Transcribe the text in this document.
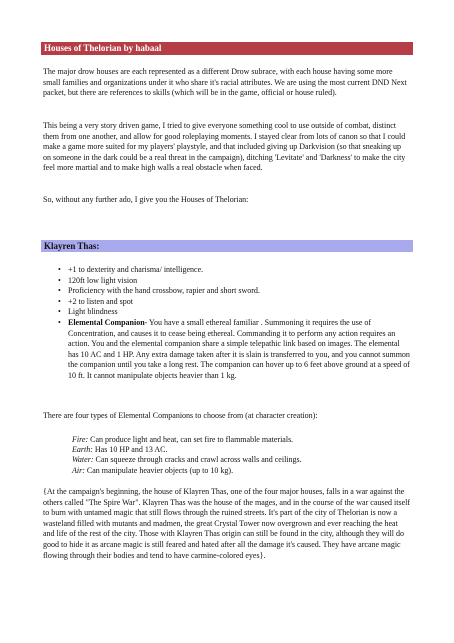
Houses of Thelorian by habaal

The major drow houses are each represented as a different Drow subrace, with each house having some more small families and organizations under it who share it's racial attributes. We are using the most current DND Next packet, but there are references to skills (which will be in the game, official or house ruled).

This being a very story driven game, I tried to give everyone something cool to use outside of combat, distinct them from one another, and allow for good roleplaying moments. I stayed clear from lots of canon so that I could make a game more suited for my players' playstyle, and that included giving up Darkvision (so that sneaking up on someone in the dark could be a real threat in the campaign), ditching 'Levitate' and 'Darkness' to make the city feel more martial and to make high walls a real obstacle when faced.

So, without any further ado, I give you the Houses of Thelorian:

Klayren Thas:
• +1 to dexterity and charisma/ intelligence.
• 120ft low light vision
• Proficiency with the hand crossbow, rapier and short sword.
• +2 to listen and spot
• Light blindness
• Elemental Companion- You have a small ethereal familiar . Summoning it requires the use of Concentration, and causes it to cease being ethereal. Commanding it to perform any action requires an action. You and the elemental companion share a simple telepathic link based on images. The elemental has 10 AC and 1 HP. Any extra damage taken after it is slain is transferred to you, and you cannot summon the companion until you take a long rest. The companion can hover up to 6 feet above ground at a speed of 10 ft. It cannot manipulate objects heavier than 1 kg.

There are four types of Elemental Companions to choose from (at character creation):

Fire: Can produce light and heat, can set fire to flammable materials.
Earth: Has 10 HP and 13 AC.
Water: Can squeeze through cracks and crawl across walls and ceilings.
Air: Can manipulate heavier objects (up to 10 kg).

{At the campaign's beginning, the house of Klayren Thas, one of the four major houses, falls in a war against the others called "The Spire War". Klayren Thas was the house of the mages, and in the course of the war caused itself to burn with untamed magic that still flows through the ruined streets. It's part of the city of Thelorian is now a wasteland filled with mutants and madmen, the great Crystal Tower now overgrown and ever reaching the heat and life of the rest of the city. Those with Klayren Thas origin can still be found in the city, although they will do good to hide it as arcane magic is still feared and hated after all the damage it's caused. They have arcane magic flowing through their bodies and tend to have carmine-colored eyes}.
